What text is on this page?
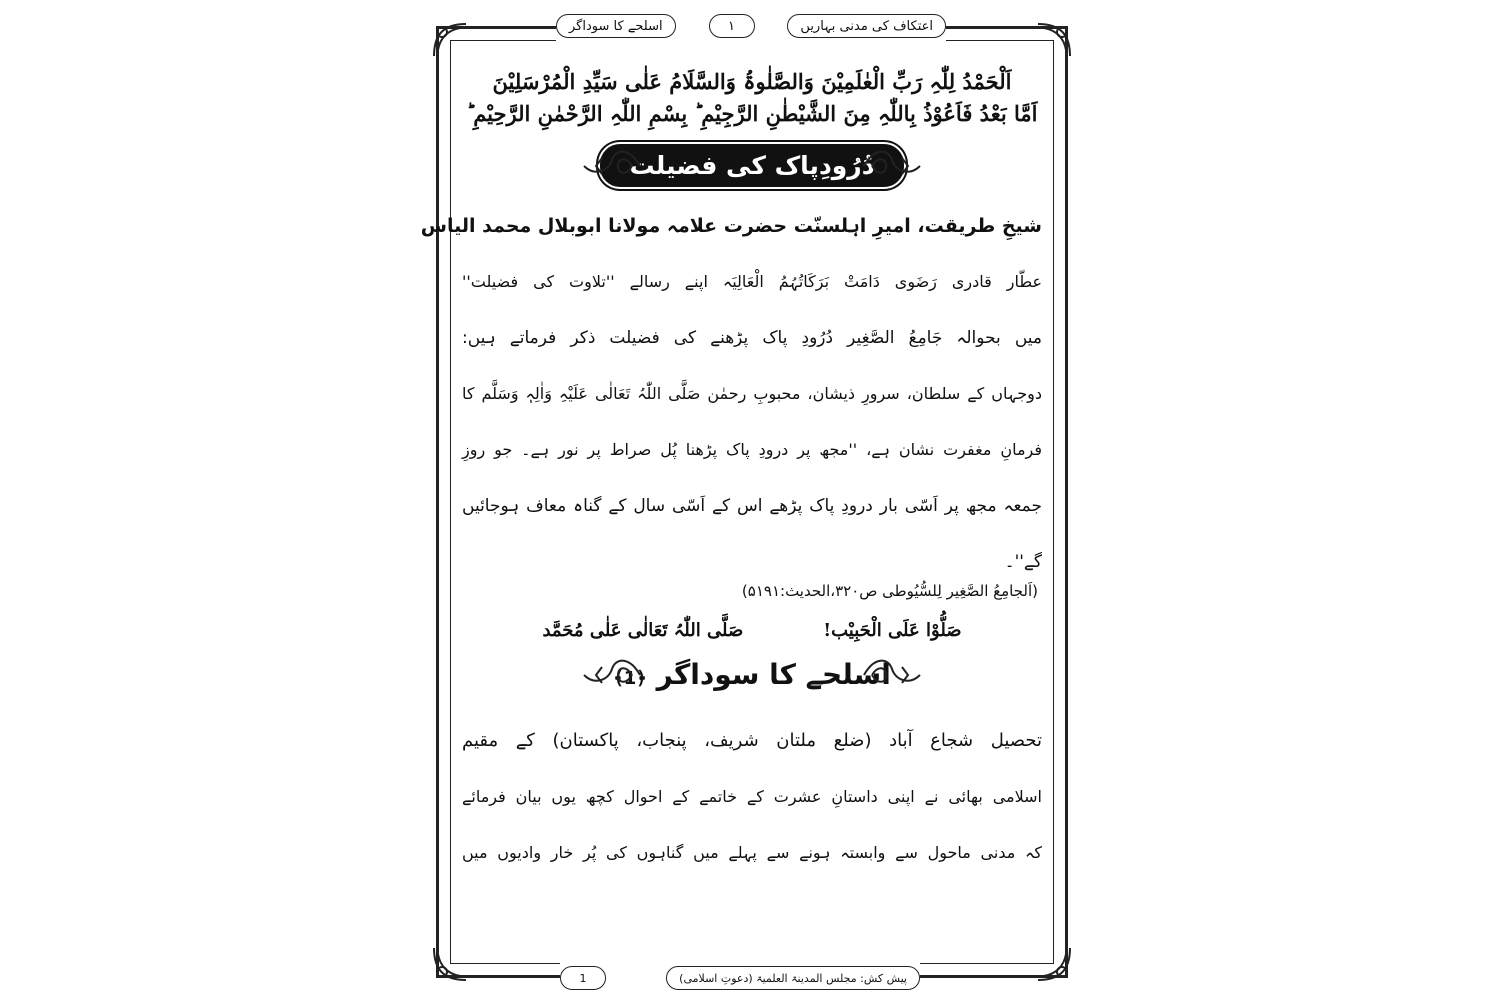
اسلحے کا سوداگر	۱	اعتکاف کی مدنی بہاریں
اَلْحَمْدُ لِلّٰہِ رَبِّ الْعٰلَمِیْنَ وَالصَّلٰوۃُ وَالسَّلَامُ عَلٰی سَیِّدِ الْمُرْسَلِیْنَ
اَمَّا بَعْدُ فَاَعُوْذُ بِاللّٰہِ مِنَ الشَّیْطٰنِ الرَّجِیْمِ ؕ بِسْمِ اللّٰہِ الرَّحْمٰنِ الرَّحِیْمِ ؕ
دُرُودِپاک کی فضیلت
شیخِ طریقت، امیرِ اہلسنّت حضرت علامہ مولانا ابوبلال محمد الیاس
عطّار قادری رَضَوی دَامَتْ بَرَکَاتُہُمُ الْعَالِیَہ اپنے رسالے ''تلاوت کی فضیلت''
میں بحوالہ جَامِعُ الصَّغِیر دُرُودِ پاک پڑھنے کی فضیلت ذکر فرماتے ہیں:
دوجہاں کے سلطان، سرورِ ذیشان، محبوبِ رحمٰن صَلَّی اللّٰہُ تَعَالٰی عَلَیْہِ وَاٰلِہٖ وَسَلَّم کا
فرمانِ مغفرت نشان ہے، ''مجھ پر درودِ پاک پڑھنا پُل صراط پر نور ہے۔ جو روزِ
جمعہ مجھ پر اَسّی بار درودِ پاک پڑھے اس کے اَسّی سال کے گناہ معاف ہوجائیں
گے''۔
(اَلجامِعُ الصَّغِیر لِلسُّیُوطی ص۳۲۰،الحدیث:۵۱۹۱)
صَلُّوْا عَلَی الْحَبِیْب!
صَلَّی اللّٰہُ تَعَالٰی عَلٰی مُحَمَّد
اسلحے کا سوداگر ﴿1﴾
تحصیل شجاع آباد (ضلع ملتان شریف، پنجاب، پاکستان) کے مقیم
اسلامی بھائی نے اپنی داستانِ عشرت کے خاتمے کے احوال کچھ یوں بیان فرمائے
کہ مدنی ماحول سے وابستہ ہونے سے پہلے میں گناہوں کی پُر خار وادیوں میں
1	پیش کش: مجلس المدینۃ العلمیۃ (دعوتِ اسلامی)
